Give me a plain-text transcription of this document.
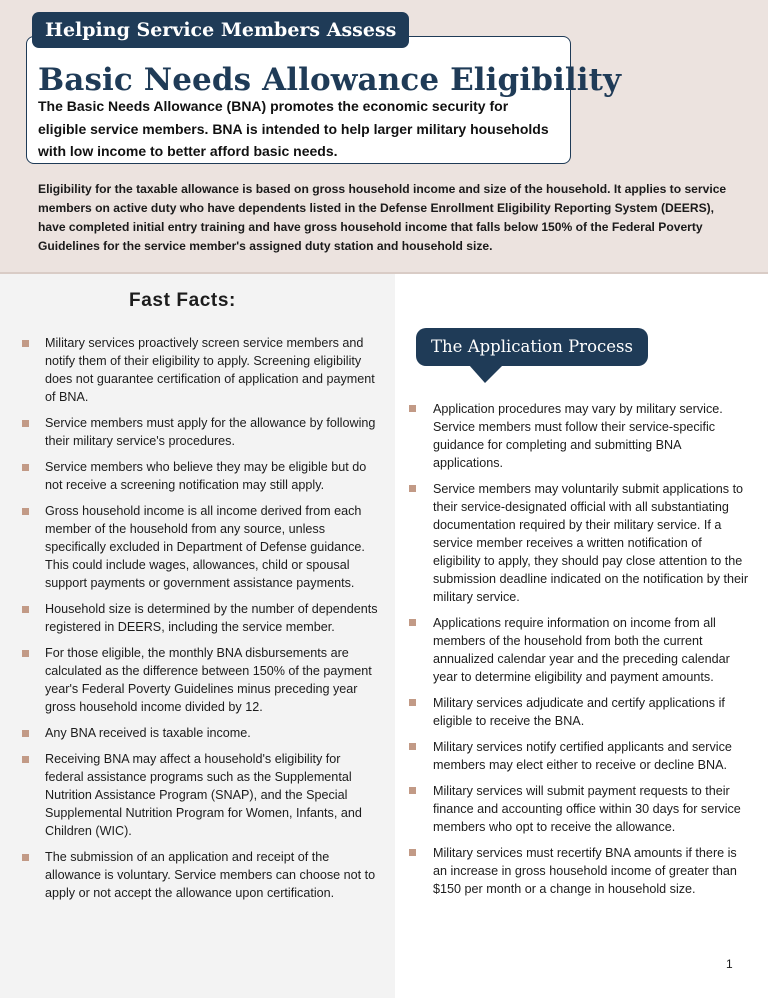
Helping Service Members Assess
Basic Needs Allowance Eligibility

The Basic Needs Allowance (BNA) promotes the economic security for eligible service members. BNA is intended to help larger military households with low income to better afford basic needs.

Eligibility for the taxable allowance is based on gross household income and size of the household. It applies to service members on active duty who have dependents listed in the Defense Enrollment Eligibility Reporting System (DEERS), have completed initial entry training and have gross household income that falls below 150% of the Federal Poverty Guidelines for the service member's assigned duty station and household size.

Fast Facts:
Military services proactively screen service members and notify them of their eligibility to apply. Screening eligibility does not guarantee certification of application and payment of BNA.
Service members must apply for the allowance by following their military service's procedures.
Service members who believe they may be eligible but do not receive a screening notification may still apply.
Gross household income is all income derived from each member of the household from any source, unless specifically excluded in Department of Defense guidance. This could include wages, allowances, child or spousal support payments or government assistance payments.
Household size is determined by the number of dependents registered in DEERS, including the service member.
For those eligible, the monthly BNA disbursements are calculated as the difference between 150% of the payment year's Federal Poverty Guidelines minus preceding year gross household income divided by 12.
Any BNA received is taxable income.
Receiving BNA may affect a household's eligibility for federal assistance programs such as the Supplemental Nutrition Assistance Program (SNAP), and the Special Supplemental Nutrition Program for Women, Infants, and Children (WIC).
The submission of an application and receipt of the allowance is voluntary. Service members can choose not to apply or not accept the allowance upon certification.
The Application Process
Application procedures may vary by military service. Service members must follow their service-specific guidance for completing and submitting BNA applications.
Service members may voluntarily submit applications to their service-designated official with all substantiating documentation required by their military service. If a service member receives a written notification of eligibility to apply, they should pay close attention to the submission deadline indicated on the notification by their military service.
Applications require information on income from all members of the household from both the current annualized calendar year and the preceding calendar year to determine eligibility and payment amounts.
Military services adjudicate and certify applications if eligible to receive the BNA.
Military services notify certified applicants and service members may elect either to receive or decline BNA.
Military services will submit payment requests to their finance and accounting office within 30 days for service members who opt to receive the allowance.
Military services must recertify BNA amounts if there is an increase in gross household income of greater than $150 per month or a change in household size.
1
